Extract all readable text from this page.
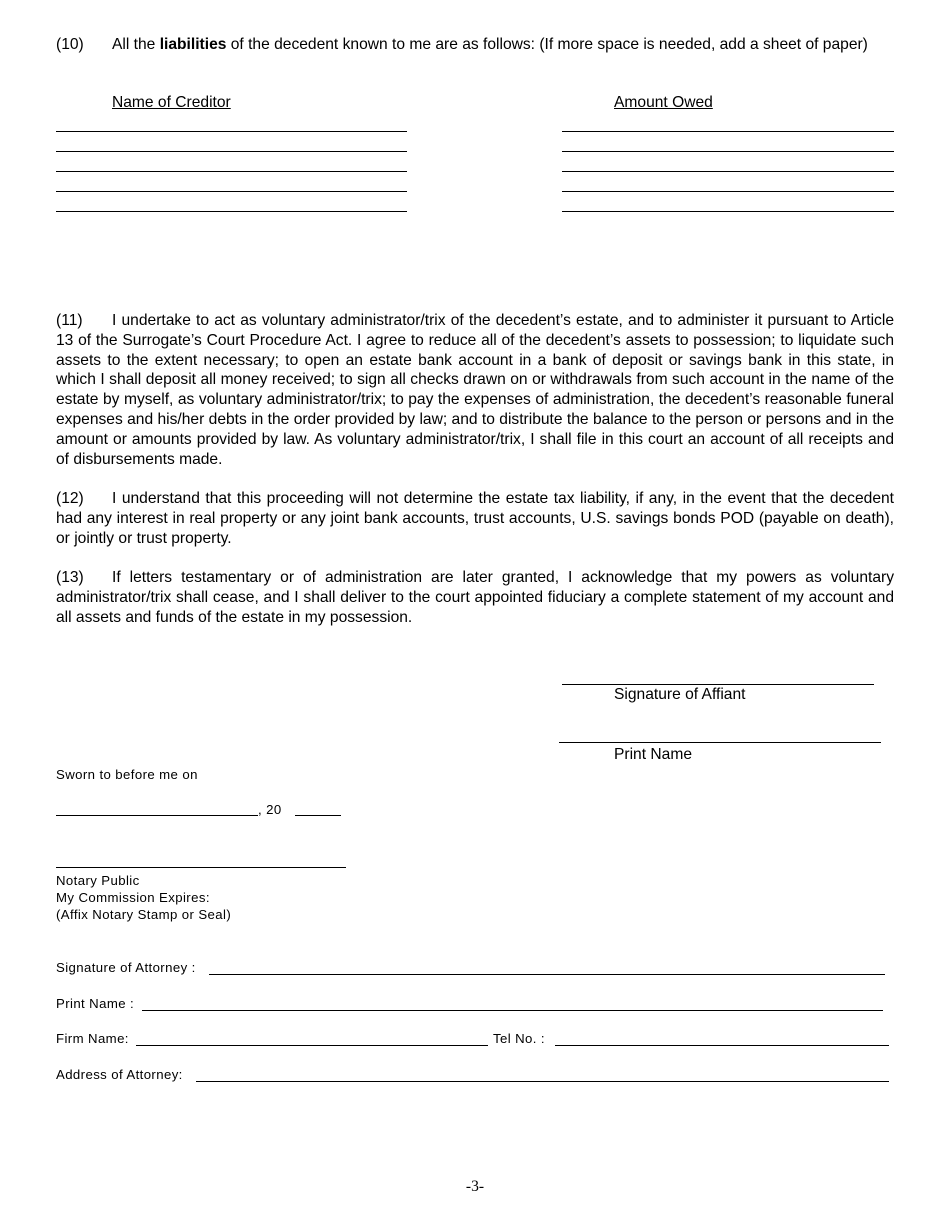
(10) All the liabilities of the decedent known to me are as follows: (If more space is needed, add a sheet of paper)
Name of Creditor	Amount Owed
(11) I undertake to act as voluntary administrator/trix of the decedent’s estate, and to administer it pursuant to Article 13 of the Surrogate’s Court Procedure Act. I agree to reduce all of the decedent’s assets to possession; to liquidate such assets to the extent necessary; to open an estate bank account in a bank of deposit or savings bank in this state, in which I shall deposit all money received; to sign all checks drawn on or withdrawals from such account in the name of the estate by myself, as voluntary administrator/trix; to pay the expenses of administration, the decedent’s reasonable funeral expenses and his/her debts in the order provided by law; and to distribute the balance to the person or persons and in the amount or amounts provided by law. As voluntary administrator/trix, I shall file in this court an account of all receipts and of disbursements made.
(12) I understand that this proceeding will not determine the estate tax liability, if any, in the event that the decedent had any interest in real property or any joint bank accounts, trust accounts, U.S. savings bonds POD (payable on death), or jointly or trust property.
(13) If letters testamentary or of administration are later granted, I acknowledge that my powers as voluntary administrator/trix shall cease, and I shall deliver to the court appointed fiduciary a complete statement of my account and all assets and funds of the estate in my possession.
Signature of Affiant
Print Name
Sworn to before me on
, 20
Notary Public
My Commission Expires:
(Affix Notary Stamp or Seal)
Signature of Attorney :
Print Name :
Firm Name:	Tel No. :
Address of Attorney:
-3-
